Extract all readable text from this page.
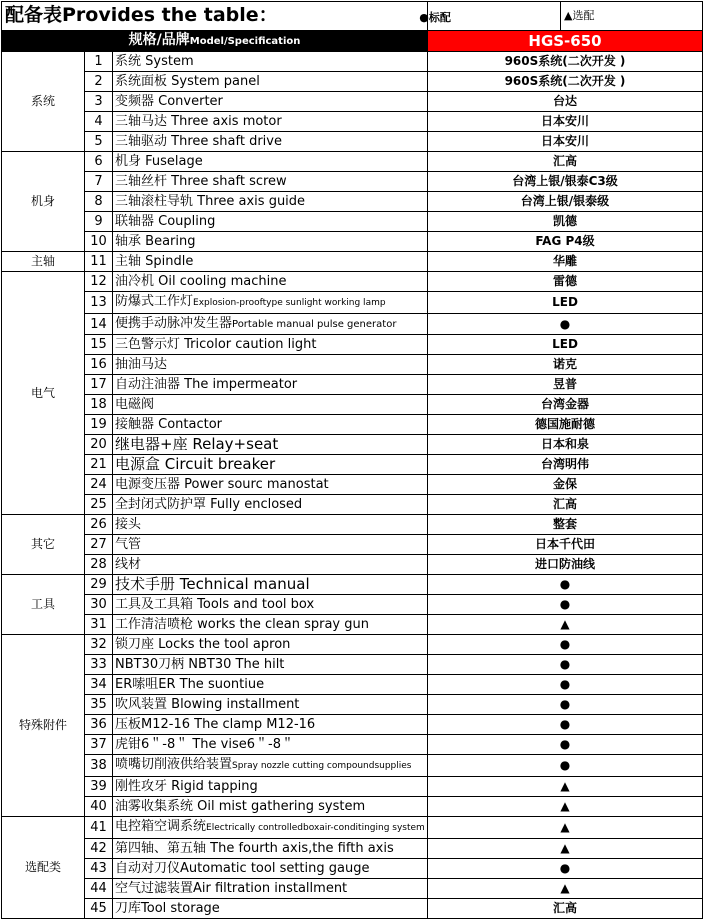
配备表Provides the table： ●标配			▲选配
规格/品牌Model/Specification			HGS-650
系统	1	系统 System	960S系统(二次开发 )
	2	系统面板 System panel	960S系统(二次开发 )
	3	变频器 Converter	台达
	4	三轴马达 Three axis motor	日本安川
	5	三轴驱动 Three shaft drive	日本安川
机身	6	机身 Fuselage	汇高
	7	三轴丝杆 Three shaft screw	台湾上银/银泰C3级
	8	三轴滚柱导轨 Three axis guide	台湾上银/银泰级
	9	联轴器 Coupling	凯德
	10	轴承 Bearing	FAG P4级
主轴	11	主轴 Spindle	华雕
电气	12	油冷机 Oil cooling machine	雷德
	13	防爆式工作灯Explosion-prooftype sunlight working lamp	LED
	14	便携手动脉冲发生器Portable manual pulse generator	●
	15	三色警示灯 Tricolor caution light	LED
	16	抽油马达	诺克
	17	自动注油器 The impermeator	昱普
	18	电磁阀	台湾金器
	19	接触器 Contactor	德国施耐德
	20	继电器+座 Relay+seat	日本和泉
	21	电源盒 Circuit breaker	台湾明伟
	24	电源变压器 Power sourc manostat	金保
	25	全封闭式防护罩 Fully enclosed	汇高
其它	26	接头	整套
	27	气管	日本千代田
	28	线材	进口防油线
工具	29	技术手册 Technical manual	●
	30	工具及工具箱 Tools and tool box	●
	31	工作清洁喷枪 works the clean spray gun	▲
特殊附件	32	锁刀座 Locks the tool apron	●
	33	NBT30刀柄 NBT30 The hilt	●
	34	ER嗦咀ER The suontiue	●
	35	吹风装置 Blowing installment	●
	36	压板M12-16 The clamp M12-16	●
	37	虎钳6＂-8＂ The vise6＂-8＂	●
	38	喷嘴切削液供给装置Spray nozzle cutting compoundsupplies	●
	39	刚性攻牙 Rigid tapping	▲
	40	油雾收集系统 Oil mist gathering system	▲
选配类	41	电控箱空调系统Electrically controlledboxair-conditinging system	▲
	42	第四轴、第五轴 The fourth axis,the fifth axis	▲
	43	自动对刀仪Automatic tool setting gauge	●
	44	空气过滤装置Air filtration installment	▲
	45	刀库Tool storage	汇高
